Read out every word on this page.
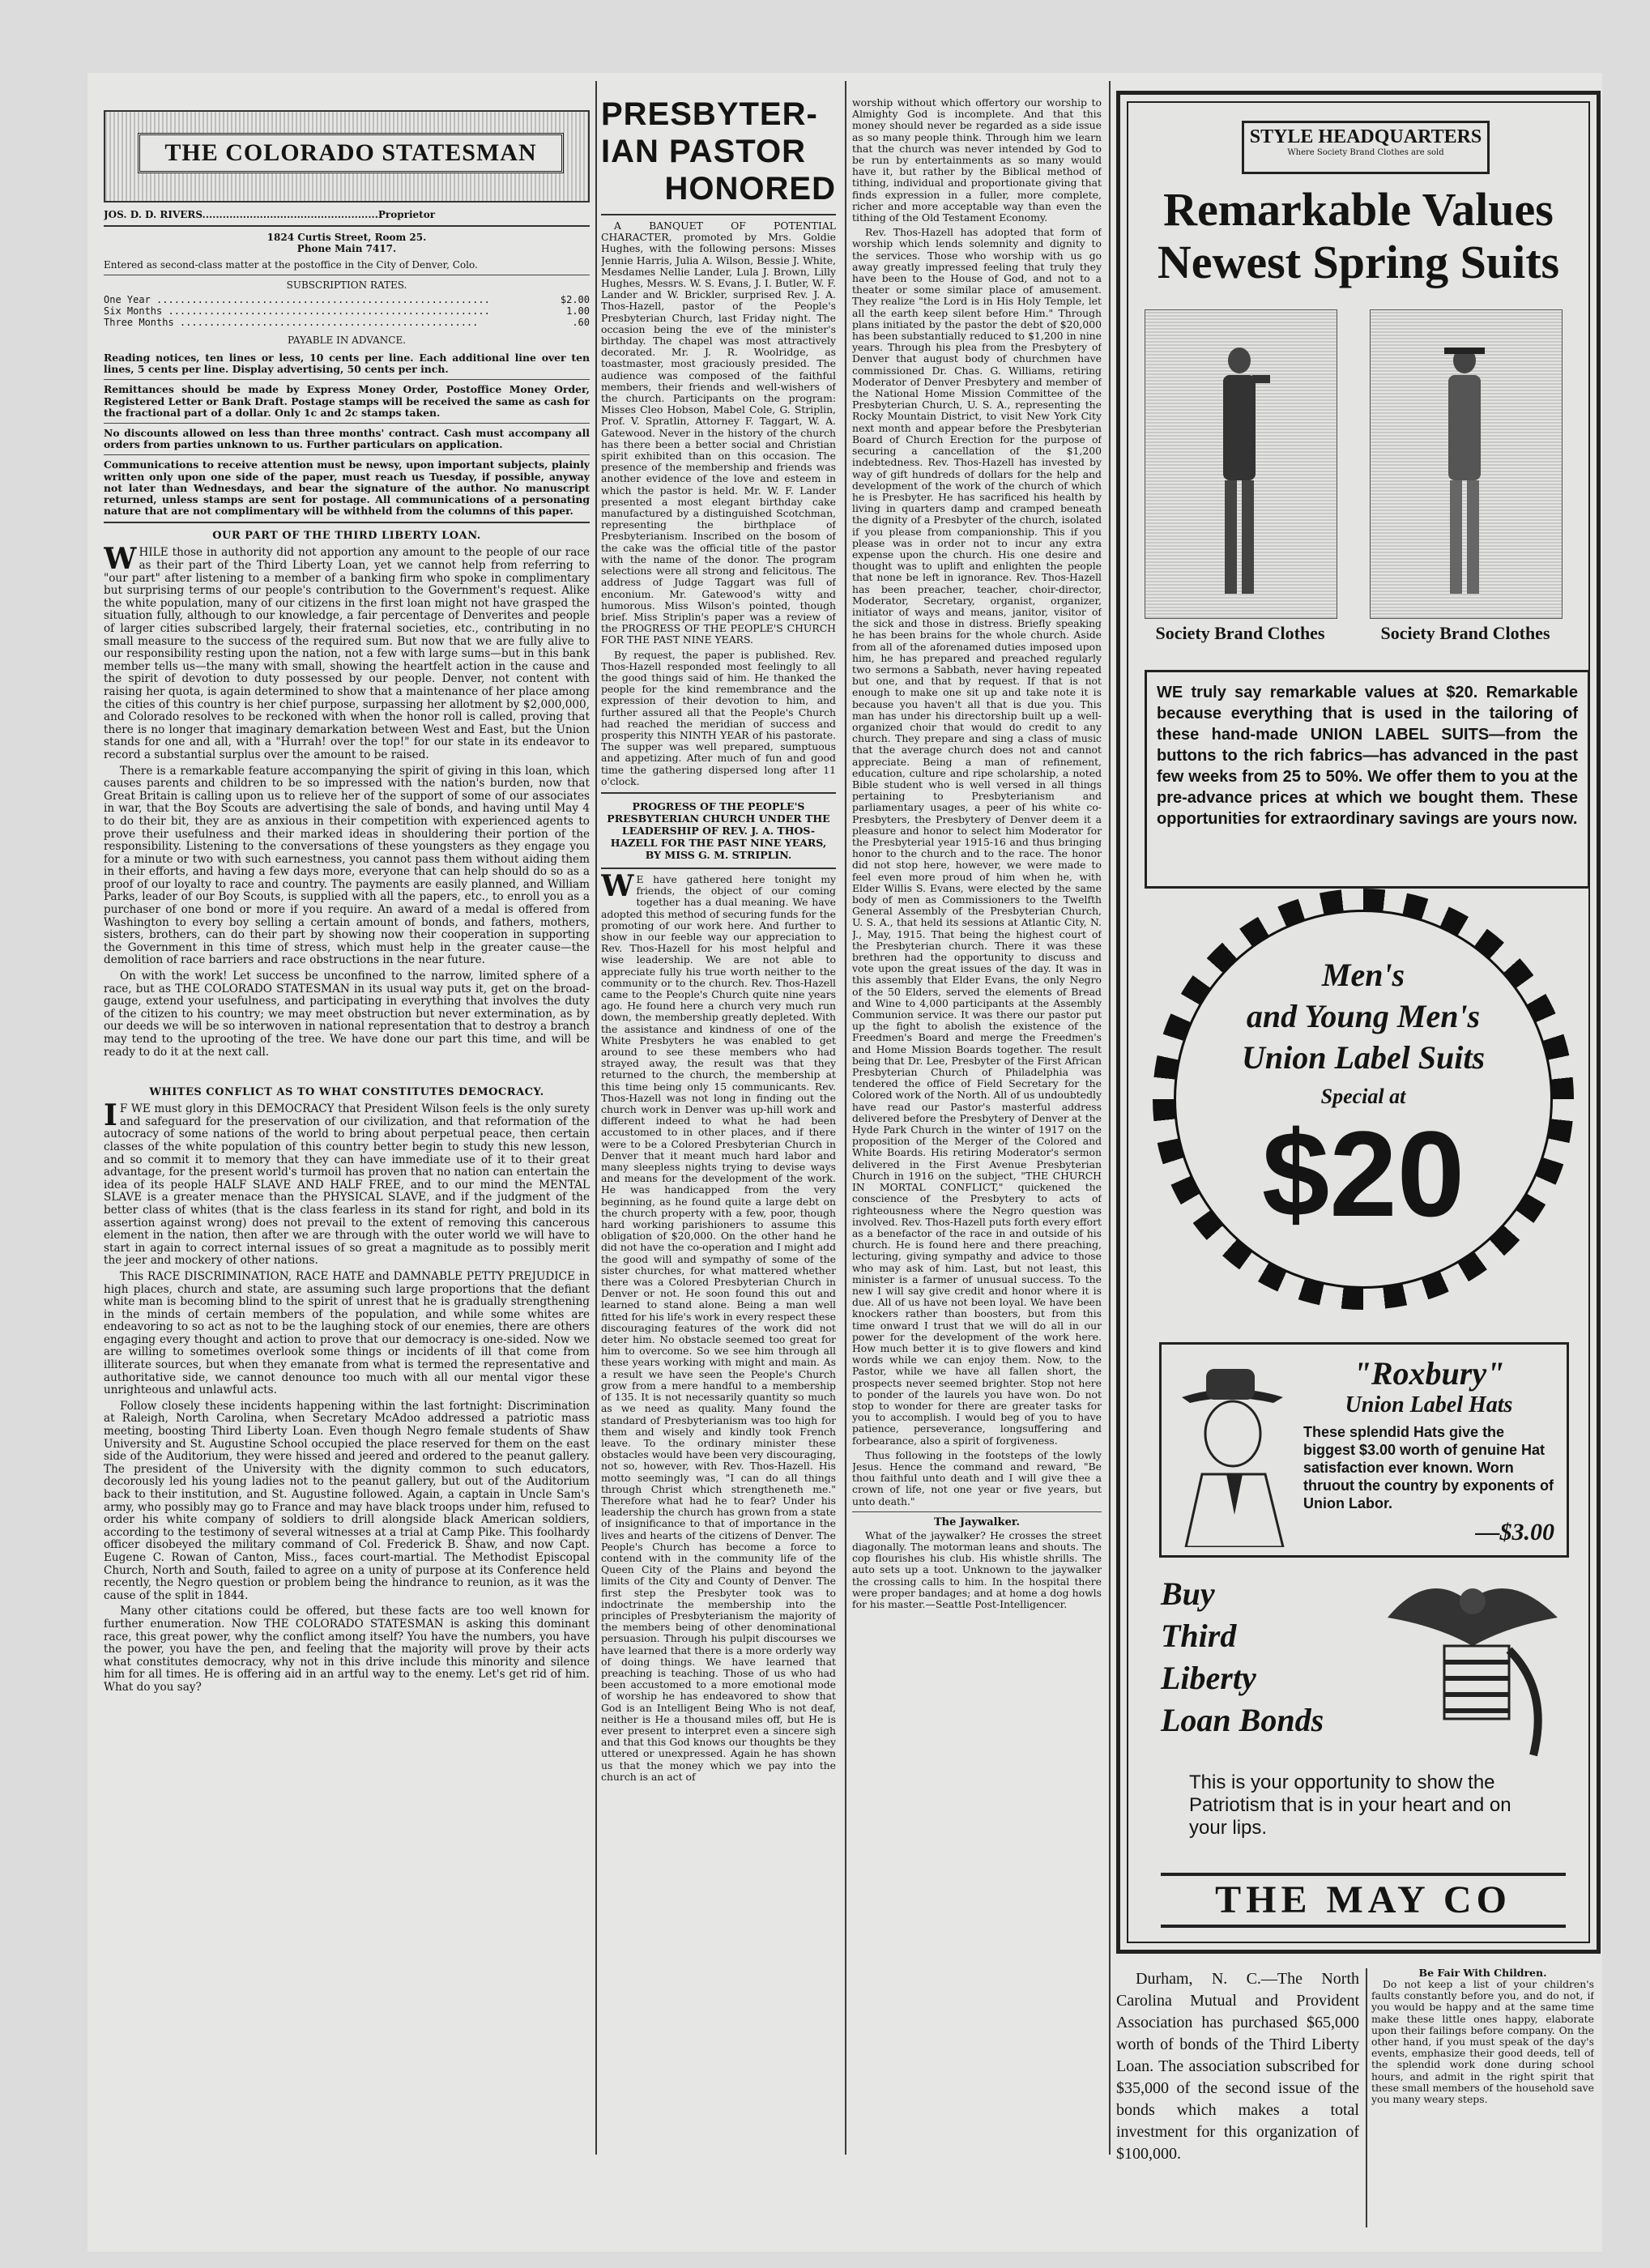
THE COLORADO STATESMAN
JOS. D. D. RIVERS....................................................Proprietor
1824 Curtis Street, Room 25.
Phone Main 7417.
Entered as second-class matter at the postoffice in the City of Denver, Colo.
SUBSCRIPTION RATES.
One Year .........................................................	$2.00
Six Months .......................................................	1.00
Three Months ...................................................	.60
PAYABLE IN ADVANCE.

Reading notices, ten lines or less, 10 cents per line. Each additional line over ten lines, 5 cents per line. Display advertising, 50 cents per inch.

Remittances should be made by Express Money Order, Postoffice Money Order, Registered Letter or Bank Draft. Postage stamps will be received the same as cash for the fractional part of a dollar. Only 1c and 2c stamps taken.

No discounts allowed on less than three months' contract. Cash must accompany all orders from parties unknown to us. Further particulars on application.

Communications to receive attention must be newsy, upon important subjects, plainly written only upon one side of the paper, must reach us Tuesday, if possible, anyway not later than Wednesdays, and bear the signature of the author. No manuscript returned, unless stamps are sent for postage. All communications of a personating nature that are not complimentary will be withheld from the columns of this paper.

OUR PART OF THE THIRD LIBERTY LOAN.

WHILE those in authority did not apportion any amount to the people of our race as their part of the Third Liberty Loan, yet we cannot help from referring to "our part" after listening to a member of a banking firm who spoke in complimentary but surprising terms of our people's contribution to the Government's request. Alike the white population, many of our citizens in the first loan might not have grasped the situation fully, although to our knowledge, a fair percentage of Denverites and people of larger cities subscribed largely, their fraternal societies, etc., contributing in no small measure to the success of the required sum. But now that we are fully alive to our responsibility resting upon the nation, not a few with large sums—but in this bank member tells us—the many with small, showing the heartfelt action in the cause and the spirit of devotion to duty possessed by our people. Denver, not content with raising her quota, is again determined to show that a maintenance of her place among the cities of this country is her chief purpose, surpassing her allotment by $2,000,000, and Colorado resolves to be reckoned with when the honor roll is called, proving that there is no longer that imaginary demarkation between West and East, but the Union stands for one and all, with a "Hurrah! over the top!" for our state in its endeavor to record a substantial surplus over the amount to be raised.

There is a remarkable feature accompanying the spirit of giving in this loan, which causes parents and children to be so impressed with the nation's burden, now that Great Britain is calling upon us to relieve her of the support of some of our associates in war, that the Boy Scouts are advertising the sale of bonds, and having until May 4 to do their bit, they are as anxious in their competition with experienced agents to prove their usefulness and their marked ideas in shouldering their portion of the responsibility. Listening to the conversations of these youngsters as they engage you for a minute or two with such earnestness, you cannot pass them without aiding them in their efforts, and having a few days more, everyone that can help should do so as a proof of our loyalty to race and country. The payments are easily planned, and William Parks, leader of our Boy Scouts, is supplied with all the papers, etc., to enroll you as a purchaser of one bond or more if you require. An award of a medal is offered from Washington to every boy selling a certain amount of bonds, and fathers, mothers, sisters, brothers, can do their part by showing now their cooperation in supporting the Government in this time of stress, which must help in the greater cause—the demolition of race barriers and race obstructions in the near future.

On with the work! Let success be unconfined to the narrow, limited sphere of a race, but as THE COLORADO STATESMAN in its usual way puts it, get on the broad-gauge, extend your usefulness, and participating in everything that involves the duty of the citizen to his country; we may meet obstruction but never extermination, as by our deeds we will be so interwoven in national representation that to destroy a branch may tend to the uprooting of the tree. We have done our part this time, and will be ready to do it at the next call.

WHITES CONFLICT AS TO WHAT CONSTITUTES DEMOCRACY.

IF WE must glory in this DEMOCRACY that President Wilson feels is the only surety and safeguard for the preservation of our civilization, and that reformation of the autocracy of some nations of the world to bring about perpetual peace, then certain classes of the white population of this country better begin to study this new lesson, and so commit it to memory that they can have immediate use of it to their great advantage, for the present world's turmoil has proven that no nation can entertain the idea of its people HALF SLAVE AND HALF FREE, and to our mind the MENTAL SLAVE is a greater menace than the PHYSICAL SLAVE, and if the judgment of the better class of whites (that is the class fearless in its stand for right, and bold in its assertion against wrong) does not prevail to the extent of removing this cancerous element in the nation, then after we are through with the outer world we will have to start in again to correct internal issues of so great a magnitude as to possibly merit the jeer and mockery of other nations.

This RACE DISCRIMINATION, RACE HATE and DAMNABLE PETTY PREJUDICE in high places, church and state, are assuming such large proportions that the defiant white man is becoming blind to the spirit of unrest that he is gradually strengthening in the minds of certain members of the population, and while some whites are endeavoring to so act as not to be the laughing stock of our enemies, there are others engaging every thought and action to prove that our democracy is one-sided. Now we are willing to sometimes overlook some things or incidents of ill that come from illiterate sources, but when they emanate from what is termed the representative and authoritative side, we cannot denounce too much with all our mental vigor these unrighteous and unlawful acts.

Follow closely these incidents happening within the last fortnight: Discrimination at Raleigh, North Carolina, when Secretary McAdoo addressed a patriotic mass meeting, boosting Third Liberty Loan. Even though Negro female students of Shaw University and St. Augustine School occupied the place reserved for them on the east side of the Auditorium, they were hissed and jeered and ordered to the peanut gallery. The president of the University with the dignity common to such educators, decorously led his young ladies not to the peanut gallery, but out of the Auditorium back to their institution, and St. Augustine followed. Again, a captain in Uncle Sam's army, who possibly may go to France and may have black troops under him, refused to order his white company of soldiers to drill alongside black American soldiers, according to the testimony of several witnesses at a trial at Camp Pike. This foolhardy officer disobeyed the military command of Col. Frederick B. Shaw, and now Capt. Eugene C. Rowan of Canton, Miss., faces court-martial. The Methodist Episcopal Church, North and South, failed to agree on a unity of purpose at its Conference held recently, the Negro question or problem being the hindrance to reunion, as it was the cause of the split in 1844.

Many other citations could be offered, but these facts are too well known for further enumeration. Now THE COLORADO STATESMAN is asking this dominant race, this great power, why the conflict among itself? You have the numbers, you have the power, you have the pen, and feeling that the majority will prove by their acts what constitutes democracy, why not in this drive include this minority and silence him for all times. He is offering aid in an artful way to the enemy. Let's get rid of him. What do you say?

PRESBYTER-
IAN PASTOR
HONORED

A BANQUET OF POTENTIAL CHARACTER, promoted by Mrs. Goldie Hughes, with the following persons: Misses Jennie Harris, Julia A. Wilson, Bessie J. White, Mesdames Nellie Lander, Lula J. Brown, Lilly Hughes, Messrs. W. S. Evans, J. I. Butler, W. F. Lander and W. Brickler, surprised Rev. J. A. Thos-Hazell, pastor of the People's Presbyterian Church, last Friday night. The occasion being the eve of the minister's birthday. The chapel was most attractively decorated. Mr. J. R. Woolridge, as toastmaster, most graciously presided. The audience was composed of the faithful members, their friends and well-wishers of the church. Participants on the program: Misses Cleo Hobson, Mabel Cole, G. Striplin, Prof. V. Spratlin, Attorney F. Taggart, W. A. Gatewood. Never in the history of the church has there been a better social and Christian spirit exhibited than on this occasion. The presence of the membership and friends was another evidence of the love and esteem in which the pastor is held. Mr. W. F. Lander presented a most elegant birthday cake manufactured by a distinguished Scotchman, representing the birthplace of Presbyterianism. Inscribed on the bosom of the cake was the official title of the pastor with the name of the donor. The program selections were all strong and felicitous. The address of Judge Taggart was full of enconium. Mr. Gatewood's witty and humorous. Miss Wilson's pointed, though brief. Miss Striplin's paper was a review of the PROGRESS OF THE PEOPLE'S CHURCH FOR THE PAST NINE YEARS.

By request, the paper is published. Rev. Thos-Hazell responded most feelingly to all the good things said of him. He thanked the people for the kind remembrance and the expression of their devotion to him, and further assured all that the People's Church had reached the meridian of success and prosperity this NINTH YEAR of his pastorate. The supper was well prepared, sumptuous and appetizing. After much of fun and good time the gathering dispersed long after 11 o'clock.

PROGRESS OF THE PEOPLE'S PRESBYTERIAN CHURCH UNDER THE LEADERSHIP OF REV. J. A. THOS-HAZELL FOR THE PAST NINE YEARS, BY MISS G. M. STRIPLIN.

WE have gathered here tonight my friends, the object of our coming together has a dual meaning. We have adopted this method of securing funds for the promoting of our work here. And further to show in our feeble way our appreciation to Rev. Thos-Hazell for his most helpful and wise leadership. We are not able to appreciate fully his true worth neither to the community or to the church. Rev. Thos-Hazell came to the People's Church quite nine years ago. He found here a church very much run down, the membership greatly depleted. With the assistance and kindness of one of the White Presbyters he was enabled to get around to see these members who had strayed away, the result was that they returned to the church, the membership at this time being only 15 communicants. Rev. Thos-Hazell was not long in finding out the church work in Denver was up-hill work and different indeed to what he had been accustomed to in other places, and if there were to be a Colored Presbyterian Church in Denver that it meant much hard labor and many sleepless nights trying to devise ways and means for the development of the work. He was handicapped from the very beginning, as he found quite a large debt on the church property with a few, poor, though hard working parishioners to assume this obligation of $20,000. On the other hand he did not have the co-operation and I might add the good will and sympathy of some of the sister churches, for what mattered whether there was a Colored Presbyterian Church in Denver or not. He soon found this out and learned to stand alone. Being a man well fitted for his life's work in every respect these discouraging features of the work did not deter him. No obstacle seemed too great for him to overcome. So we see him through all these years working with might and main. As a result we have seen the People's Church grow from a mere handful to a membership of 135. It is not necessarily quantity so much as we need as quality. Many found the standard of Presbyterianism was too high for them and wisely and kindly took French leave. To the ordinary minister these obstacles would have been very discouraging, not so, however, with Rev. Thos-Hazell. His motto seemingly was, "I can do all things through Christ which strengtheneth me." Therefore what had he to fear? Under his leadership the church has grown from a state of insignificance to that of importance in the lives and hearts of the citizens of Denver. The People's Church has become a force to contend with in the community life of the Queen City of the Plains and beyond the limits of the City and County of Denver. The first step the Presbyter took was to indoctrinate the membership into the principles of Presbyterianism the majority of the members being of other denominational persuasion. Through his pulpit discourses we have learned that there is a more orderly way of doing things. We have learned that preaching is teaching. Those of us who had been accustomed to a more emotional mode of worship he has endeavored to show that God is an Intelligent Being Who is not deaf, neither is He a thousand miles off, but He is ever present to interpret even a sincere sigh and that this God knows our thoughts be they uttered or unexpressed. Again he has shown us that the money which we pay into the church is an act of

worship without which offertory our worship to Almighty God is incomplete. And that this money should never be regarded as a side issue as so many people think. Through him we learn that the church was never intended by God to be run by entertainments as so many would have it, but rather by the Biblical method of tithing, individual and proportionate giving that finds expression in a fuller, more complete, richer and more acceptable way than even the tithing of the Old Testament Economy.

Rev. Thos-Hazell has adopted that form of worship which lends solemnity and dignity to the services. Those who worship with us go away greatly impressed feeling that truly they have been to the House of God, and not to a theater or some similar place of amusement. They realize "the Lord is in His Holy Temple, let all the earth keep silent before Him." Through plans initiated by the pastor the debt of $20,000 has been substantially reduced to $1,200 in nine years. Through his plea from the Presbytery of Denver that august body of churchmen have commissioned Dr. Chas. G. Williams, retiring Moderator of Denver Presbytery and member of the National Home Mission Committee of the Presbyterian Church, U. S. A., representing the Rocky Mountain District, to visit New York City next month and appear before the Presbyterian Board of Church Erection for the purpose of securing a cancellation of the $1,200 indebtedness. Rev. Thos-Hazell has invested by way of gift hundreds of dollars for the help and development of the work of the church of which he is Presbyter. He has sacrificed his health by living in quarters damp and cramped beneath the dignity of a Presbyter of the church, isolated if you please from companionship. This if you please was in order not to incur any extra expense upon the church. His one desire and thought was to uplift and enlighten the people that none be left in ignorance. Rev. Thos-Hazell has been preacher, teacher, choir-director, Moderator, Secretary, organist, organizer, initiator of ways and means, janitor, visitor of the sick and those in distress. Briefly speaking he has been brains for the whole church. Aside from all of the aforenamed duties imposed upon him, he has prepared and preached regularly two sermons a Sabbath, never having repeated but one, and that by request. If that is not enough to make one sit up and take note it is because you haven't all that is due you. This man has under his directorship built up a well-organized choir that would do credit to any church. They prepare and sing a class of music that the average church does not and cannot appreciate. Being a man of refinement, education, culture and ripe scholarship, a noted Bible student who is well versed in all things pertaining to Presbyterianism and parliamentary usages, a peer of his white co-Presbyters, the Presbytery of Denver deem it a pleasure and honor to select him Moderator for the Presbyterial year 1915-16 and thus bringing honor to the church and to the race. The honor did not stop here, however, we were made to feel even more proud of him when he, with Elder Willis S. Evans, were elected by the same body of men as Commissioners to the Twelfth General Assembly of the Presbyterian Church, U. S. A., that held its sessions at Atlantic City, N. J., May, 1915. That being the highest court of the Presbyterian church. There it was these brethren had the opportunity to discuss and vote upon the great issues of the day. It was in this assembly that Elder Evans, the only Negro of the 50 Elders, served the elements of Bread and Wine to 4,000 participants at the Assembly Communion service. It was there our pastor put up the fight to abolish the existence of the Freedmen's Board and merge the Freedmen's and Home Mission Boards together. The result being that Dr. Lee, Presbyter of the First African Presbyterian Church of Philadelphia was tendered the office of Field Secretary for the Colored work of the North. All of us undoubtedly have read our Pastor's masterful address delivered before the Presbytery of Denver at the Hyde Park Church in the winter of 1917 on the proposition of the Merger of the Colored and White Boards. His retiring Moderator's sermon delivered in the First Avenue Presbyterian Church in 1916 on the subject, "THE CHURCH IN MORTAL CONFLICT," quickened the conscience of the Presbytery to acts of righteousness where the Negro question was involved. Rev. Thos-Hazell puts forth every effort as a benefactor of the race in and outside of his church. He is found here and there preaching, lecturing, giving sympathy and advice to those who may ask of him. Last, but not least, this minister is a farmer of unusual success. To the new I will say give credit and honor where it is due. All of us have not been loyal. We have been knockers rather than boosters, but from this time onward I trust that we will do all in our power for the development of the work here. How much better it is to give flowers and kind words while we can enjoy them. Now, to the Pastor, while we have all fallen short, the prospects never seemed brighter. Stop not here to ponder of the laurels you have won. Do not stop to wonder for there are greater tasks for you to accomplish. I would beg of you to have patience, perseverance, longsuffering and forbearance, also a spirit of forgiveness.

Thus following in the footsteps of the lowly Jesus. Hence the command and reward, "Be thou faithful unto death and I will give thee a crown of life, not one year or five years, but unto death."

The Jaywalker.

What of the jaywalker? He crosses the street diagonally. The motorman leans and shouts. The cop flourishes his club. His whistle shrills. The auto sets up a toot. Unknown to the jaywalker the crossing calls to him. In the hospital there were proper bandages; and at home a dog howls for his master.—Seattle Post-Intelligencer.

STYLE HEADQUARTERS
Where Society Brand Clothes are sold
Remarkable Values
Newest Spring Suits
Society Brand Clothes	Society Brand Clothes
WE truly say remarkable values at $20. Remarkable because everything that is used in the tailoring of these hand-made UNION LABEL SUITS—from the buttons to the rich fabrics—has advanced in the past few weeks from 25 to 50%. We offer them to you at the pre-advance prices at which we bought them. These opportunities for extraordinary savings are yours now.
Men's
and Young Men's
Union Label Suits
Special at
$20
"Roxbury"
Union Label Hats
These splendid Hats give the biggest $3.00 worth of genuine Hat satisfaction ever known. Worn thruout the country by exponents of Union Labor.
—$3.00
Buy
Third
Liberty
Loan Bonds
This is your opportunity to show the Patriotism that is in your heart and on your lips.
THE MAY CO
Durham, N. C.—The North Carolina Mutual and Provident Association has purchased $65,000 worth of bonds of the Third Liberty Loan. The association subscribed for $35,000 of the second issue of the bonds which makes a total investment for this organization of $100,000.
Be Fair With Children.

Do not keep a list of your children's faults constantly before you, and do not, if you would be happy and at the same time make these little ones happy, elaborate upon their failings before company. On the other hand, if you must speak of the day's events, emphasize their good deeds, tell of the splendid work done during school hours, and admit in the right spirit that these small members of the household save you many weary steps.
